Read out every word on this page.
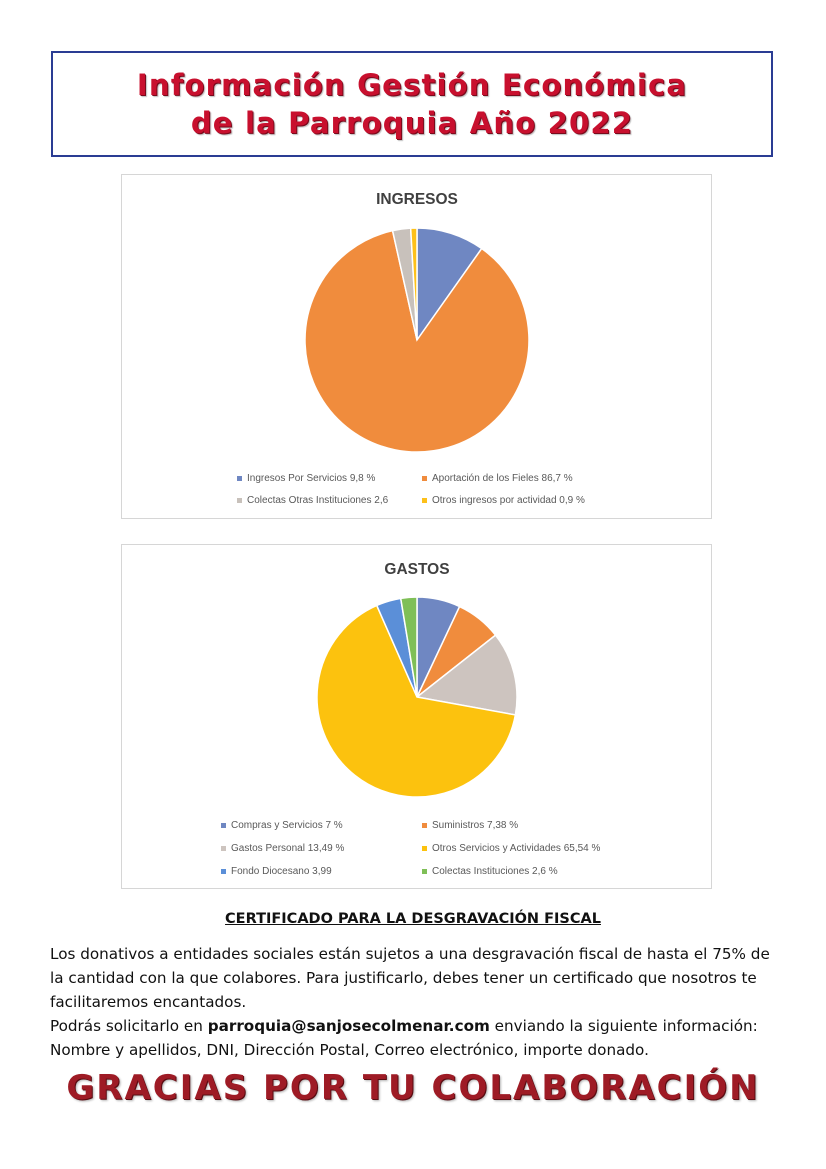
Información Gestión Económica
de la Parroquia Año 2022
INGRESOS
Ingresos Por Servicios 9,8 %	Aportación de los Fieles 86,7 %
Colectas Otras Instituciones 2,6	Otros ingresos por actividad 0,9 %
GASTOS
Compras y Servicios 7 %	Suministros 7,38 %
Gastos Personal 13,49 %	Otros Servicios y Actividades 65,54 %
Fondo Diocesano 3,99	Colectas Instituciones 2,6 %
CERTIFICADO PARA LA DESGRAVACIÓN FISCAL

Los donativos a entidades sociales están sujetos a una desgravación fiscal de hasta el 75% de la cantidad con la que colabores. Para justificarlo, debes tener un certificado que nosotros te facilitaremos encantados.

Podrás solicitarlo en parroquia@sanjosecolmenar.com enviando la siguiente información: Nombre y apellidos, DNI, Dirección Postal, Correo electrónico, importe donado.

GRACIAS POR TU COLABORACIÓN
